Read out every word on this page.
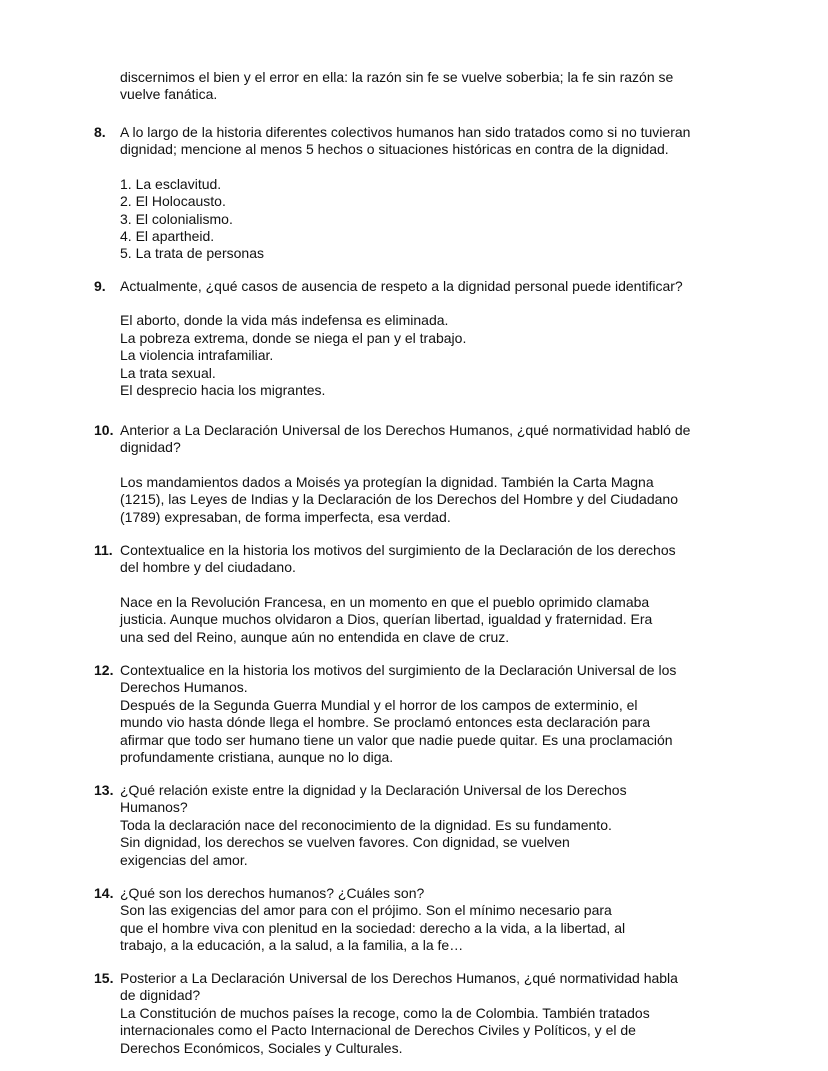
discernimos el bien y el error en ella: la razón sin fe se vuelve soberbia; la fe sin razón se
vuelve fanática.
8.	A lo largo de la historia diferentes colectivos humanos han sido tratados como si no tuvieran
dignidad; mencione al menos 5 hechos o situaciones históricas en contra de la dignidad.
1. La esclavitud.
2. El Holocausto.
3. El colonialismo.
4. El apartheid.
5. La trata de personas
9.	Actualmente, ¿qué casos de ausencia de respeto a la dignidad personal puede identificar?
El aborto, donde la vida más indefensa es eliminada.
La pobreza extrema, donde se niega el pan y el trabajo.
La violencia intrafamiliar.
La trata sexual.
El desprecio hacia los migrantes.
10. Anterior a La Declaración Universal de los Derechos Humanos, ¿qué normatividad habló de
dignidad?
Los mandamientos dados a Moisés ya protegían la dignidad. También la Carta Magna
(1215), las Leyes de Indias y la Declaración de los Derechos del Hombre y del Ciudadano
(1789) expresaban, de forma imperfecta, esa verdad.
11. Contextualice en la historia los motivos del surgimiento de la Declaración de los derechos
del hombre y del ciudadano.
Nace en la Revolución Francesa, en un momento en que el pueblo oprimido clamaba
justicia. Aunque muchos olvidaron a Dios, querían libertad, igualdad y fraternidad. Era
una sed del Reino, aunque aún no entendida en clave de cruz.
12. Contextualice en la historia los motivos del surgimiento de la Declaración Universal de los
Derechos Humanos.
Después de la Segunda Guerra Mundial y el horror de los campos de exterminio, el
mundo vio hasta dónde llega el hombre. Se proclamó entonces esta declaración para
afirmar que todo ser humano tiene un valor que nadie puede quitar. Es una proclamación
profundamente cristiana, aunque no lo diga.
13. ¿Qué relación existe entre la dignidad y la Declaración Universal de los Derechos
Humanos?
Toda la declaración nace del reconocimiento de la dignidad. Es su fundamento.
Sin dignidad, los derechos se vuelven favores. Con dignidad, se vuelven
exigencias del amor.
14. ¿Qué son los derechos humanos? ¿Cuáles son?
Son las exigencias del amor para con el prójimo. Son el mínimo necesario para
que el hombre viva con plenitud en la sociedad: derecho a la vida, a la libertad, al
trabajo, a la educación, a la salud, a la familia, a la fe…
15. Posterior a La Declaración Universal de los Derechos Humanos, ¿qué normatividad habla
de dignidad?
La Constitución de muchos países la recoge, como la de Colombia. También tratados
internacionales como el Pacto Internacional de Derechos Civiles y Políticos, y el de
Derechos Económicos, Sociales y Culturales.
